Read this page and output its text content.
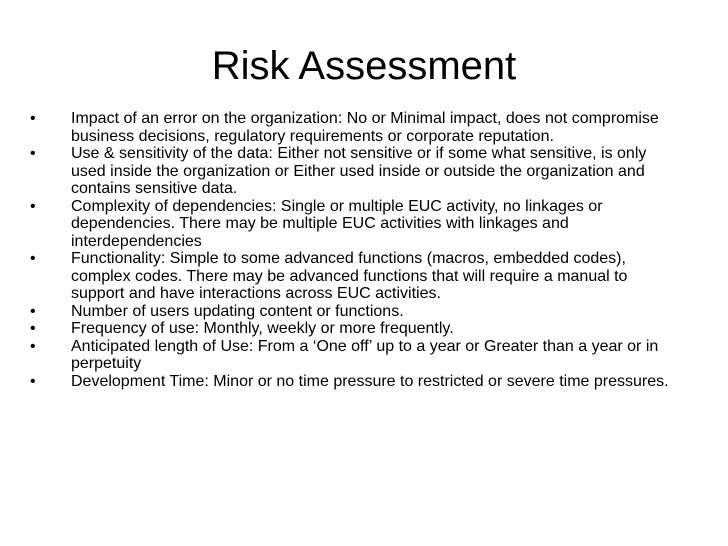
Risk Assessment
•	Impact of an error on the organization: No or Minimal impact, does not compromise business decisions, regulatory requirements or corporate reputation.
•	Use & sensitivity of the data: Either not sensitive or if some what sensitive, is only used inside the organization or Either used inside or outside the organization and contains sensitive data.
•	Complexity of dependencies: Single or multiple EUC activity, no linkages or dependencies. There may be multiple EUC activities with linkages and interdependencies
•	Functionality: Simple to some advanced functions (macros, embedded codes), complex codes. There may be advanced functions that will require a manual to support and have interactions across EUC activities.
•	Number of users updating content or functions.
•	Frequency of use: Monthly, weekly or more frequently.
•	Anticipated length of Use: From a ‘One off’ up to a year or Greater than a year or in perpetuity
•	Development Time: Minor or no time pressure to restricted or severe time pressures.
